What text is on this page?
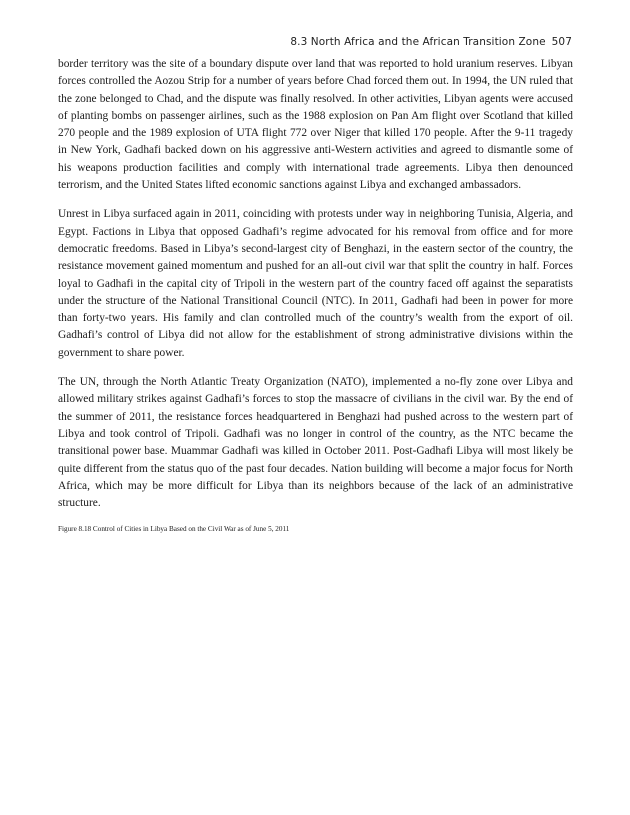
8.3 North Africa and the African Transition Zone 507

border territory was the site of a boundary dispute over land that was reported to hold uranium reserves. Libyan forces controlled the Aozou Strip for a number of years before Chad forced them out. In 1994, the UN ruled that the zone belonged to Chad, and the dispute was finally resolved. In other activities, Libyan agents were accused of planting bombs on passenger airlines, such as the 1988 explosion on Pan Am flight over Scotland that killed 270 people and the 1989 explosion of UTA flight 772 over Niger that killed 170 people. After the 9-11 tragedy in New York, Gadhafi backed down on his aggressive anti-Western activities and agreed to dismantle some of his weapons production facilities and comply with international trade agreements. Libya then denounced terrorism, and the United States lifted economic sanctions against Libya and exchanged ambassadors.

Unrest in Libya surfaced again in 2011, coinciding with protests under way in neighboring Tunisia, Algeria, and Egypt. Factions in Libya that opposed Gadhafi’s regime advocated for his removal from office and for more democratic freedoms. Based in Libya’s second-largest city of Benghazi, in the eastern sector of the country, the resistance movement gained momentum and pushed for an all-out civil war that split the country in half. Forces loyal to Gadhafi in the capital city of Tripoli in the western part of the country faced off against the separatists under the structure of the National Transitional Council (NTC). In 2011, Gadhafi had been in power for more than forty-two years. His family and clan controlled much of the country’s wealth from the export of oil. Gadhafi’s control of Libya did not allow for the establishment of strong administrative divisions within the government to share power.

The UN, through the North Atlantic Treaty Organization (NATO), implemented a no-fly zone over Libya and allowed military strikes against Gadhafi’s forces to stop the massacre of civilians in the civil war. By the end of the summer of 2011, the resistance forces headquartered in Benghazi had pushed across to the western part of Libya and took control of Tripoli. Gadhafi was no longer in control of the country, as the NTC became the transitional power base. Muammar Gadhafi was killed in October 2011. Post-Gadhafi Libya will most likely be quite different from the status quo of the past four decades. Nation building will become a major focus for North Africa, which may be more difficult for Libya than its neighbors because of the lack of an administrative structure.

Figure 8.18 Control of Cities in Libya Based on the Civil War as of June 5, 2011
